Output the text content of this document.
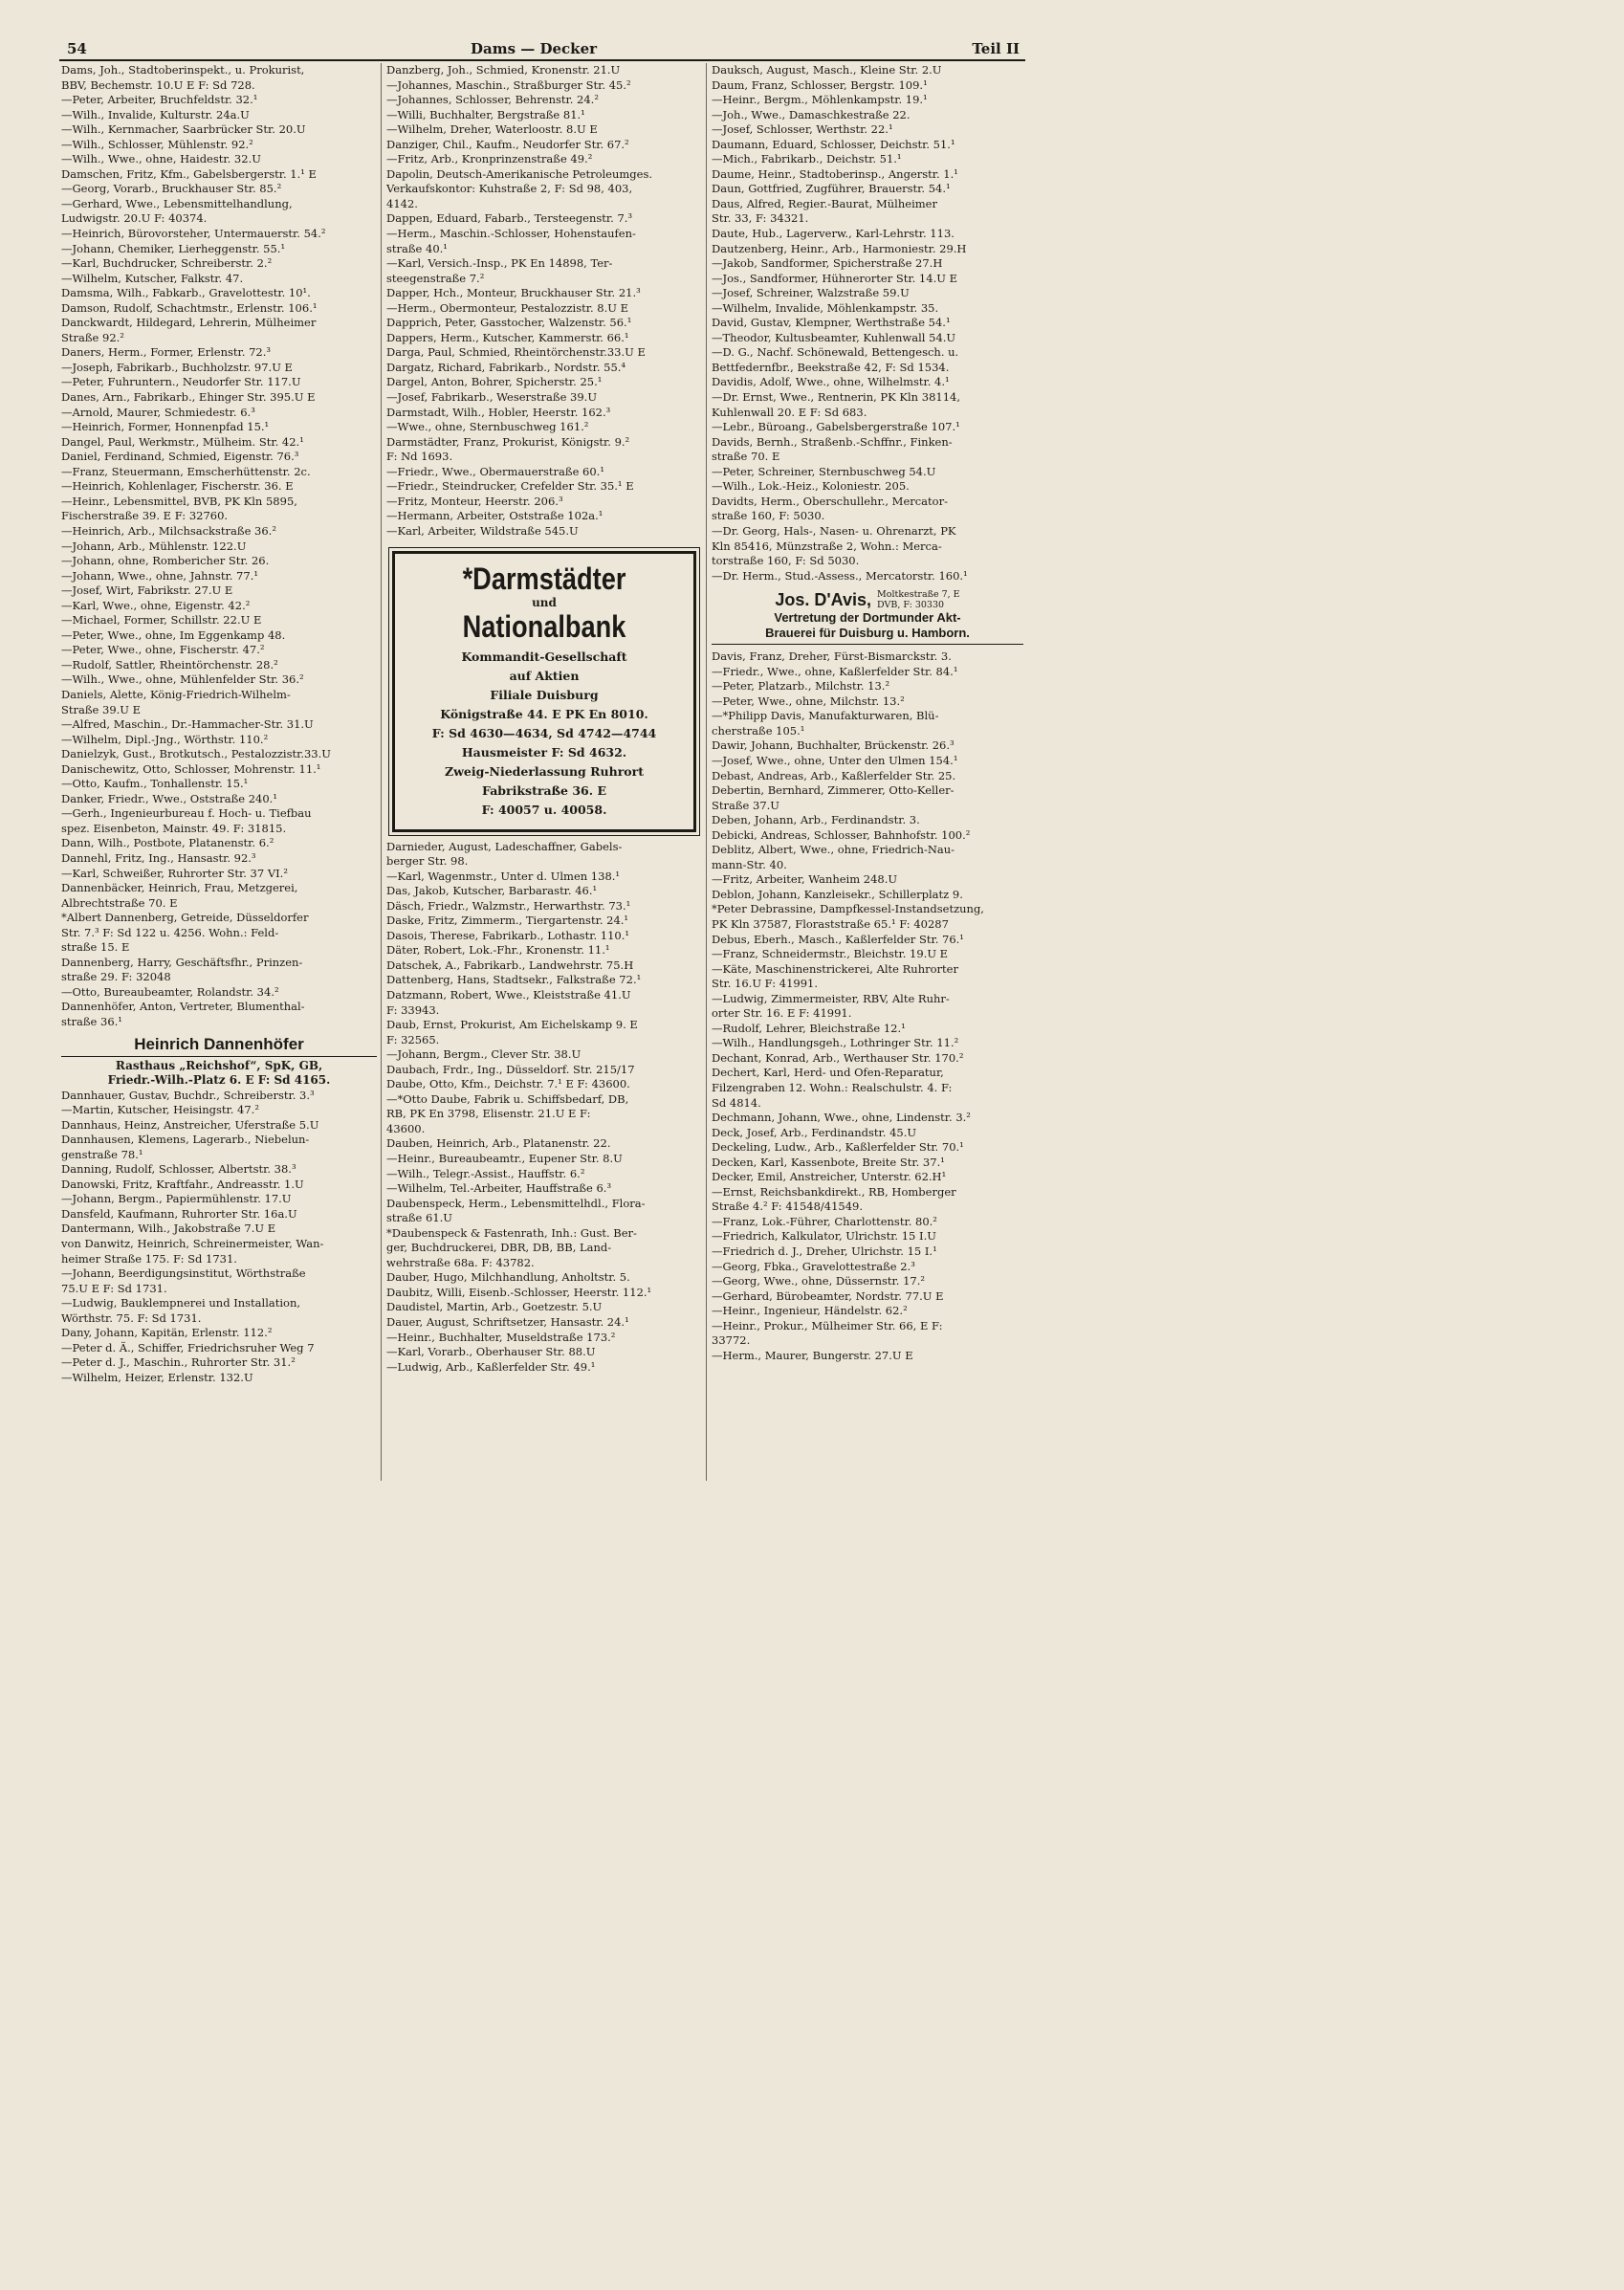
54	Dams — Decker	Teil II
Dams, Joh., Stadtoberinspekt., u. Prokurist,
BBV, Bechemstr. 10.U E F: Sd 728.
—Peter, Arbeiter, Bruchfeldstr. 32.¹
—Wilh., Invalide, Kulturstr. 24a.U
—Wilh., Kernmacher, Saarbrücker Str. 20.U
—Wilh., Schlosser, Mühlenstr. 92.²
—Wilh., Wwe., ohne, Haidestr. 32.U
Damschen, Fritz, Kfm., Gabelsbergerstr. 1.¹ E
—Georg, Vorarb., Bruckhauser Str. 85.²
—Gerhard, Wwe., Lebensmittelhandlung,
Ludwigstr. 20.U F: 40374.
—Heinrich, Bürovorsteher, Untermauerstr. 54.²
—Johann, Chemiker, Lierheggenstr. 55.¹
—Karl, Buchdrucker, Schreiberstr. 2.²
—Wilhelm, Kutscher, Falkstr. 47.
Damsma, Wilh., Fabkarb., Gravelottestr. 10¹.
Damson, Rudolf, Schachtmstr., Erlenstr. 106.¹
Danckwardt, Hildegard, Lehrerin, Mülheimer
Straße 92.²
Daners, Herm., Former, Erlenstr. 72.³
—Joseph, Fabrikarb., Buchholzstr. 97.U E
—Peter, Fuhruntern., Neudorfer Str. 117.U
Danes, Arn., Fabrikarb., Ehinger Str. 395.U E
—Arnold, Maurer, Schmiedestr. 6.³
—Heinrich, Former, Honnenpfad 15.¹
Dangel, Paul, Werkmstr., Mülheim. Str. 42.¹
Daniel, Ferdinand, Schmied, Eigenstr. 76.³
—Franz, Steuermann, Emscherhüttenstr. 2c.
—Heinrich, Kohlenlager, Fischerstr. 36. E
—Heinr., Lebensmittel, BVB, PK Kln 5895,
Fischerstraße 39. E F: 32760.
—Heinrich, Arb., Milchsackstraße 36.²
—Johann, Arb., Mühlenstr. 122.U
—Johann, ohne, Rombericher Str. 26.
—Johann, Wwe., ohne, Jahnstr. 77.¹
—Josef, Wirt, Fabrikstr. 27.U E
—Karl, Wwe., ohne, Eigenstr. 42.²
—Michael, Former, Schillstr. 22.U E
—Peter, Wwe., ohne, Im Eggenkamp 48.
—Peter, Wwe., ohne, Fischerstr. 47.²
—Rudolf, Sattler, Rheintörchenstr. 28.²
—Wilh., Wwe., ohne, Mühlenfelder Str. 36.²
Daniels, Alette, König-Friedrich-Wilhelm-
Straße 39.U E
—Alfred, Maschin., Dr.-Hammacher-Str. 31.U
—Wilhelm, Dipl.-Jng., Wörthstr. 110.²
Danielzyk, Gust., Brotkutsch., Pestalozzistr.33.U
Danischewitz, Otto, Schlosser, Mohrenstr. 11.¹
—Otto, Kaufm., Tonhallenstr. 15.¹
Danker, Friedr., Wwe., Oststraße 240.¹
—Gerh., Ingenieurbureau f. Hoch- u. Tiefbau
spez. Eisenbeton, Mainstr. 49. F: 31815.
Dann, Wilh., Postbote, Platanenstr. 6.²
Dannehl, Fritz, Ing., Hansastr. 92.³
—Karl, Schweißer, Ruhrorter Str. 37 VI.²
Dannenbäcker, Heinrich, Frau, Metzgerei,
Albrechtstraße 70. E
*Albert Dannenberg, Getreide, Düsseldorfer
Str. 7.³ F: Sd 122 u. 4256. Wohn.: Feld-
straße 15. E
Dannenberg, Harry, Geschäftsfhr., Prinzen-
straße 29. F: 32048
—Otto, Bureaubeamter, Rolandstr. 34.²
Dannenhöfer, Anton, Vertreter, Blumenthal-
straße 36.¹
Heinrich Dannenhöfer
Rasthaus „Reichshof“, SpK, GB,
Friedr.-Wilh.-Platz 6. E F: Sd 4165.
Dannhauer, Gustav, Buchdr., Schreiberstr. 3.³
—Martin, Kutscher, Heisingstr. 47.²
Dannhaus, Heinz, Anstreicher, Uferstraße 5.U
Dannhausen, Klemens, Lagerarb., Niebelun-
genstraße 78.¹
Danning, Rudolf, Schlosser, Albertstr. 38.³
Danowski, Fritz, Kraftfahr., Andreasstr. 1.U
—Johann, Bergm., Papiermühlenstr. 17.U
Dansfeld, Kaufmann, Ruhrorter Str. 16a.U
Dantermann, Wilh., Jakobstraße 7.U E
von Danwitz, Heinrich, Schreinermeister, Wan-
heimer Straße 175. F: Sd 1731.
—Johann, Beerdigungsinstitut, Wörthstraße
75.U E F: Sd 1731.
—Ludwig, Bauklempnerei und Installation,
Wörthstr. 75. F: Sd 1731.
Dany, Johann, Kapitän, Erlenstr. 112.²
—Peter d. Ä., Schiffer, Friedrichsruher Weg 7
—Peter d. J., Maschin., Ruhrorter Str. 31.²
—Wilhelm, Heizer, Erlenstr. 132.U
Danzberg, Joh., Schmied, Kronenstr. 21.U
—Johannes, Maschin., Straßburger Str. 45.²
—Johannes, Schlosser, Behrenstr. 24.²
—Willi, Buchhalter, Bergstraße 81.¹
—Wilhelm, Dreher, Waterloostr. 8.U E
Danziger, Chil., Kaufm., Neudorfer Str. 67.²
—Fritz, Arb., Kronprinzenstraße 49.²
Dapolin, Deutsch-Amerikanische Petroleumges.
Verkaufskontor: Kuhstraße 2, F: Sd 98, 403,
4142.
Dappen, Eduard, Fabarb., Tersteegenstr. 7.³
—Herm., Maschin.-Schlosser, Hohenstaufen-
straße 40.¹
—Karl, Versich.-Insp., PK En 14898, Ter-
steegenstraße 7.²
Dapper, Hch., Monteur, Bruckhauser Str. 21.³
—Herm., Obermonteur, Pestalozzistr. 8.U E
Dapprich, Peter, Gasstocher, Walzenstr. 56.¹
Dappers, Herm., Kutscher, Kammerstr. 66.¹
Darga, Paul, Schmied, Rheintörchenstr.33.U E
Dargatz, Richard, Fabrikarb., Nordstr. 55.⁴
Dargel, Anton, Bohrer, Spicherstr. 25.¹
—Josef, Fabrikarb., Weserstraße 39.U
Darmstadt, Wilh., Hobler, Heerstr. 162.³
—Wwe., ohne, Sternbuschweg 161.²
Darmstädter, Franz, Prokurist, Königstr. 9.²
F: Nd 1693.
—Friedr., Wwe., Obermauerstraße 60.¹
—Friedr., Steindrucker, Crefelder Str. 35.¹ E
—Fritz, Monteur, Heerstr. 206.³
—Hermann, Arbeiter, Oststraße 102a.¹
—Karl, Arbeiter, Wildstraße 545.U
*Darmstädter
und
Nationalbank
Kommandit-Gesellschaft
auf Aktien
Filiale Duisburg
Königstraße 44. E PK En 8010.
F: Sd 4630—4634, Sd 4742—4744
Hausmeister F: Sd 4632.
Zweig-Niederlassung Ruhrort
Fabrikstraße 36. E
F: 40057 u. 40058.
Darnieder, August, Ladeschaffner, Gabels-
berger Str. 98.
—Karl, Wagenmstr., Unter d. Ulmen 138.¹
Das, Jakob, Kutscher, Barbarastr. 46.¹
Däsch, Friedr., Walzmstr., Herwarthstr. 73.¹
Daske, Fritz, Zimmerm., Tiergartenstr. 24.¹
Dasois, Therese, Fabrikarb., Lothastr. 110.¹
Däter, Robert, Lok.-Fhr., Kronenstr. 11.¹
Datschek, A., Fabrikarb., Landwehrstr. 75.H
Dattenberg, Hans, Stadtsekr., Falkstraße 72.¹
Datzmann, Robert, Wwe., Kleiststraße 41.U
F: 33943.
Daub, Ernst, Prokurist, Am Eichelskamp 9. E
F: 32565.
—Johann, Bergm., Clever Str. 38.U
Daubach, Frdr., Ing., Düsseldorf. Str. 215/17
Daube, Otto, Kfm., Deichstr. 7.¹ E F: 43600.
—*Otto Daube, Fabrik u. Schiffsbedarf, DB,
RB, PK En 3798, Elisenstr. 21.U E F:
43600.
Dauben, Heinrich, Arb., Platanenstr. 22.
—Heinr., Bureaubeamtr., Eupener Str. 8.U
—Wilh., Telegr.-Assist., Hauffstr. 6.²
—Wilhelm, Tel.-Arbeiter, Hauffstraße 6.³
Daubenspeck, Herm., Lebensmittelhdl., Flora-
straße 61.U
*Daubenspeck & Fastenrath, Inh.: Gust. Ber-
ger, Buchdruckerei, DBR, DB, BB, Land-
wehrstraße 68a. F: 43782.
Dauber, Hugo, Milchhandlung, Anholtstr. 5.
Daubitz, Willi, Eisenb.-Schlosser, Heerstr. 112.¹
Daudistel, Martin, Arb., Goetzestr. 5.U
Dauer, August, Schriftsetzer, Hansastr. 24.¹
—Heinr., Buchhalter, Museldstraße 173.²
—Karl, Vorarb., Oberhauser Str. 88.U
—Ludwig, Arb., Kaßlerfelder Str. 49.¹
Dauksch, August, Masch., Kleine Str. 2.U
Daum, Franz, Schlosser, Bergstr. 109.¹
—Heinr., Bergm., Möhlenkampstr. 19.¹
—Joh., Wwe., Damaschkestraße 22.
—Josef, Schlosser, Werthstr. 22.¹
Daumann, Eduard, Schlosser, Deichstr. 51.¹
—Mich., Fabrikarb., Deichstr. 51.¹
Daume, Heinr., Stadtoberinsp., Angerstr. 1.¹
Daun, Gottfried, Zugführer, Brauerstr. 54.¹
Daus, Alfred, Regier.-Baurat, Mülheimer
Str. 33, F: 34321.
Daute, Hub., Lagerverw., Karl-Lehrstr. 113.
Dautzenberg, Heinr., Arb., Harmoniestr. 29.H
—Jakob, Sandformer, Spicherstraße 27.H
—Jos., Sandformer, Hühnerorter Str. 14.U E
—Josef, Schreiner, Walzstraße 59.U
—Wilhelm, Invalide, Möhlenkampstr. 35.
David, Gustav, Klempner, Werthstraße 54.¹
—Theodor, Kultusbeamter, Kuhlenwall 54.U
—D. G., Nachf. Schönewald, Bettengesch. u.
Bettfedernfbr., Beekstraße 42, F: Sd 1534.
Davidis, Adolf, Wwe., ohne, Wilhelmstr. 4.¹
—Dr. Ernst, Wwe., Rentnerin, PK Kln 38114,
Kuhlenwall 20. E F: Sd 683.
—Lebr., Büroang., Gabelsbergerstraße 107.¹
Davids, Bernh., Straßenb.-Schffnr., Finken-
straße 70. E
—Peter, Schreiner, Sternbuschweg 54.U
—Wilh., Lok.-Heiz., Koloniestr. 205.
Davidts, Herm., Oberschullehr., Mercator-
straße 160, F: 5030.
—Dr. Georg, Hals-, Nasen- u. Ohrenarzt, PK
Kln 85416, Münzstraße 2, Wohn.: Merca-
torstraße 160, F: Sd 5030.
—Dr. Herm., Stud.-Assess., Mercatorstr. 160.¹
Jos. D'Avis, Moltkestraße 7, E
DVB, F: 30330
Vertretung der Dortmunder Akt-
Brauerei für Duisburg u. Hamborn.
Davis, Franz, Dreher, Fürst-Bismarckstr. 3.
—Friedr., Wwe., ohne, Kaßlerfelder Str. 84.¹
—Peter, Platzarb., Milchstr. 13.²
—Peter, Wwe., ohne, Milchstr. 13.²
—*Philipp Davis, Manufakturwaren, Blü-
cherstraße 105.¹
Dawir, Johann, Buchhalter, Brückenstr. 26.³
—Josef, Wwe., ohne, Unter den Ulmen 154.¹
Debast, Andreas, Arb., Kaßlerfelder Str. 25.
Debertin, Bernhard, Zimmerer, Otto-Keller-
Straße 37.U
Deben, Johann, Arb., Ferdinandstr. 3.
Debicki, Andreas, Schlosser, Bahnhofstr. 100.²
Deblitz, Albert, Wwe., ohne, Friedrich-Nau-
mann-Str. 40.
—Fritz, Arbeiter, Wanheim 248.U
Deblon, Johann, Kanzleisekr., Schillerplatz 9.
*Peter Debrassine, Dampfkessel-Instandsetzung,
PK Kln 37587, Floraststraße 65.¹ F: 40287
Debus, Eberh., Masch., Kaßlerfelder Str. 76.¹
—Franz, Schneidermstr., Bleichstr. 19.U E
—Käte, Maschinenstrickerei, Alte Ruhrorter
Str. 16.U F: 41991.
—Ludwig, Zimmermeister, RBV, Alte Ruhr-
orter Str. 16. E F: 41991.
—Rudolf, Lehrer, Bleichstraße 12.¹
—Wilh., Handlungsgeh., Lothringer Str. 11.²
Dechant, Konrad, Arb., Werthauser Str. 170.²
Dechert, Karl, Herd- und Ofen-Reparatur,
Filzengraben 12. Wohn.: Realschulstr. 4. F:
Sd 4814.
Dechmann, Johann, Wwe., ohne, Lindenstr. 3.²
Deck, Josef, Arb., Ferdinandstr. 45.U
Deckeling, Ludw., Arb., Kaßlerfelder Str. 70.¹
Decken, Karl, Kassenbote, Breite Str. 37.¹
Decker, Emil, Anstreicher, Unterstr. 62.H¹
—Ernst, Reichsbankdirekt., RB, Homberger
Straße 4.² F: 41548/41549.
—Franz, Lok.-Führer, Charlottenstr. 80.²
—Friedrich, Kalkulator, Ulrichstr. 15 I.U
—Friedrich d. J., Dreher, Ulrichstr. 15 I.¹
—Georg, Fbka., Gravelottestraße 2.³
—Georg, Wwe., ohne, Düssernstr. 17.²
—Gerhard, Bürobeamter, Nordstr. 77.U E
—Heinr., Ingenieur, Händelstr. 62.²
—Heinr., Prokur., Mülheimer Str. 66, E F:
33772.
—Herm., Maurer, Bungerstr. 27.U E
